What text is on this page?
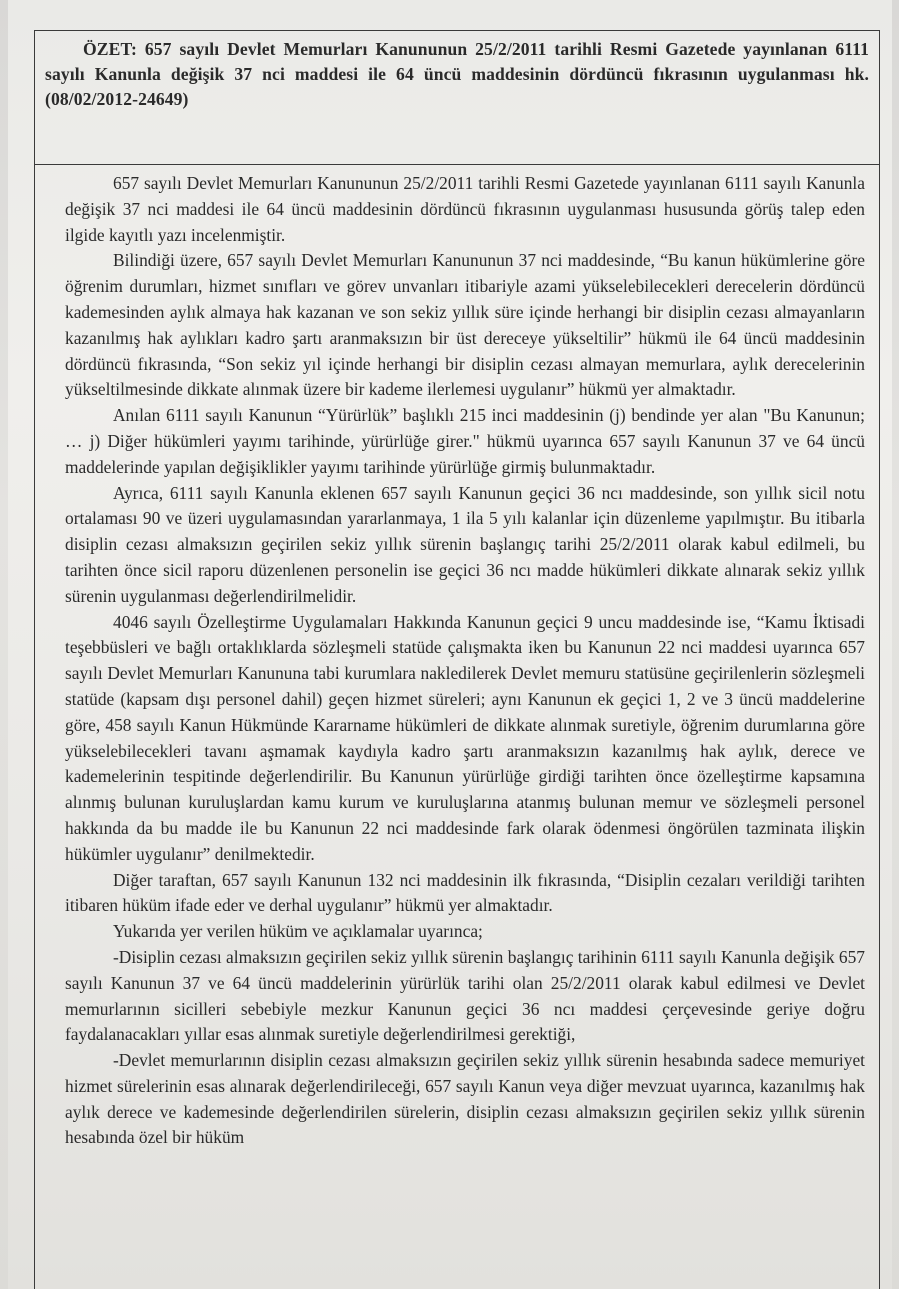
ÖZET: 657 sayılı Devlet Memurları Kanununun 25/2/2011 tarihli Resmi Gazetede yayınlanan 6111 sayılı Kanunla değişik 37 nci maddesi ile 64 üncü maddesinin dördüncü fıkrasının uygulanması hk. (08/02/2012-24649)

657 sayılı Devlet Memurları Kanununun 25/2/2011 tarihli Resmi Gazetede yayınlanan 6111 sayılı Kanunla değişik 37 nci maddesi ile 64 üncü maddesinin dördüncü fıkrasının uygulanması hususunda görüş talep eden ilgide kayıtlı yazı incelenmiştir.

Bilindiği üzere, 657 sayılı Devlet Memurları Kanununun 37 nci maddesinde, “Bu kanun hükümlerine göre öğrenim durumları, hizmet sınıfları ve görev unvanları itibariyle azami yükselebilecekleri derecelerin dördüncü kademesinden aylık almaya hak kazanan ve son sekiz yıllık süre içinde herhangi bir disiplin cezası almayanların kazanılmış hak aylıkları kadro şartı aranmaksızın bir üst dereceye yükseltilir” hükmü ile 64 üncü maddesinin dördüncü fıkrasında, “Son sekiz yıl içinde herhangi bir disiplin cezası almayan memurlara, aylık derecelerinin yükseltilmesinde dikkate alınmak üzere bir kademe ilerlemesi uygulanır” hükmü yer almaktadır.

Anılan 6111 sayılı Kanunun “Yürürlük” başlıklı 215 inci maddesinin (j) bendinde yer alan "Bu Kanunun; … j) Diğer hükümleri yayımı tarihinde, yürürlüğe girer." hükmü uyarınca 657 sayılı Kanunun 37 ve 64 üncü maddelerinde yapılan değişiklikler yayımı tarihinde yürürlüğe girmiş bulunmaktadır.

Ayrıca, 6111 sayılı Kanunla eklenen 657 sayılı Kanunun geçici 36 ncı maddesinde, son yıllık sicil notu ortalaması 90 ve üzeri uygulamasından yararlanmaya, 1 ila 5 yılı kalanlar için düzenleme yapılmıştır. Bu itibarla disiplin cezası almaksızın geçirilen sekiz yıllık sürenin başlangıç tarihi 25/2/2011 olarak kabul edilmeli, bu tarihten önce sicil raporu düzenlenen personelin ise geçici 36 ncı madde hükümleri dikkate alınarak sekiz yıllık sürenin uygulanması değerlendirilmelidir.

4046 sayılı Özelleştirme Uygulamaları Hakkında Kanunun geçici 9 uncu maddesinde ise, “Kamu İktisadi teşebbüsleri ve bağlı ortaklıklarda sözleşmeli statüde çalışmakta iken bu Kanunun 22 nci maddesi uyarınca 657 sayılı Devlet Memurları Kanununa tabi kurumlara nakledilerek Devlet memuru statüsüne geçirilenlerin sözleşmeli statüde (kapsam dışı personel dahil) geçen hizmet süreleri; aynı Kanunun ek geçici 1, 2 ve 3 üncü maddelerine göre, 458 sayılı Kanun Hükmünde Kararname hükümleri de dikkate alınmak suretiyle, öğrenim durumlarına göre yükselebilecekleri tavanı aşmamak kaydıyla kadro şartı aranmaksızın kazanılmış hak aylık, derece ve kademelerinin tespitinde değerlendirilir. Bu Kanunun yürürlüğe girdiği tarihten önce özelleştirme kapsamına alınmış bulunan kuruluşlardan kamu kurum ve kuruluşlarına atanmış bulunan memur ve sözleşmeli personel hakkında da bu madde ile bu Kanunun 22 nci maddesinde fark olarak ödenmesi öngörülen tazminata ilişkin hükümler uygulanır” denilmektedir.

Diğer taraftan, 657 sayılı Kanunun 132 nci maddesinin ilk fıkrasında, “Disiplin cezaları verildiği tarihten itibaren hüküm ifade eder ve derhal uygulanır” hükmü yer almaktadır.

Yukarıda yer verilen hüküm ve açıklamalar uyarınca;

-Disiplin cezası almaksızın geçirilen sekiz yıllık sürenin başlangıç tarihinin 6111 sayılı Kanunla değişik 657 sayılı Kanunun 37 ve 64 üncü maddelerinin yürürlük tarihi olan 25/2/2011 olarak kabul edilmesi ve Devlet memurlarının sicilleri sebebiyle mezkur Kanunun geçici 36 ncı maddesi çerçevesinde geriye doğru faydalanacakları yıllar esas alınmak suretiyle değerlendirilmesi gerektiği,

-Devlet memurlarının disiplin cezası almaksızın geçirilen sekiz yıllık sürenin hesabında sadece memuriyet hizmet sürelerinin esas alınarak değerlendirileceği, 657 sayılı Kanun veya diğer mevzuat uyarınca, kazanılmış hak aylık derece ve kademesinde değerlendirilen sürelerin, disiplin cezası almaksızın geçirilen sekiz yıllık sürenin hesabında özel bir hüküm
